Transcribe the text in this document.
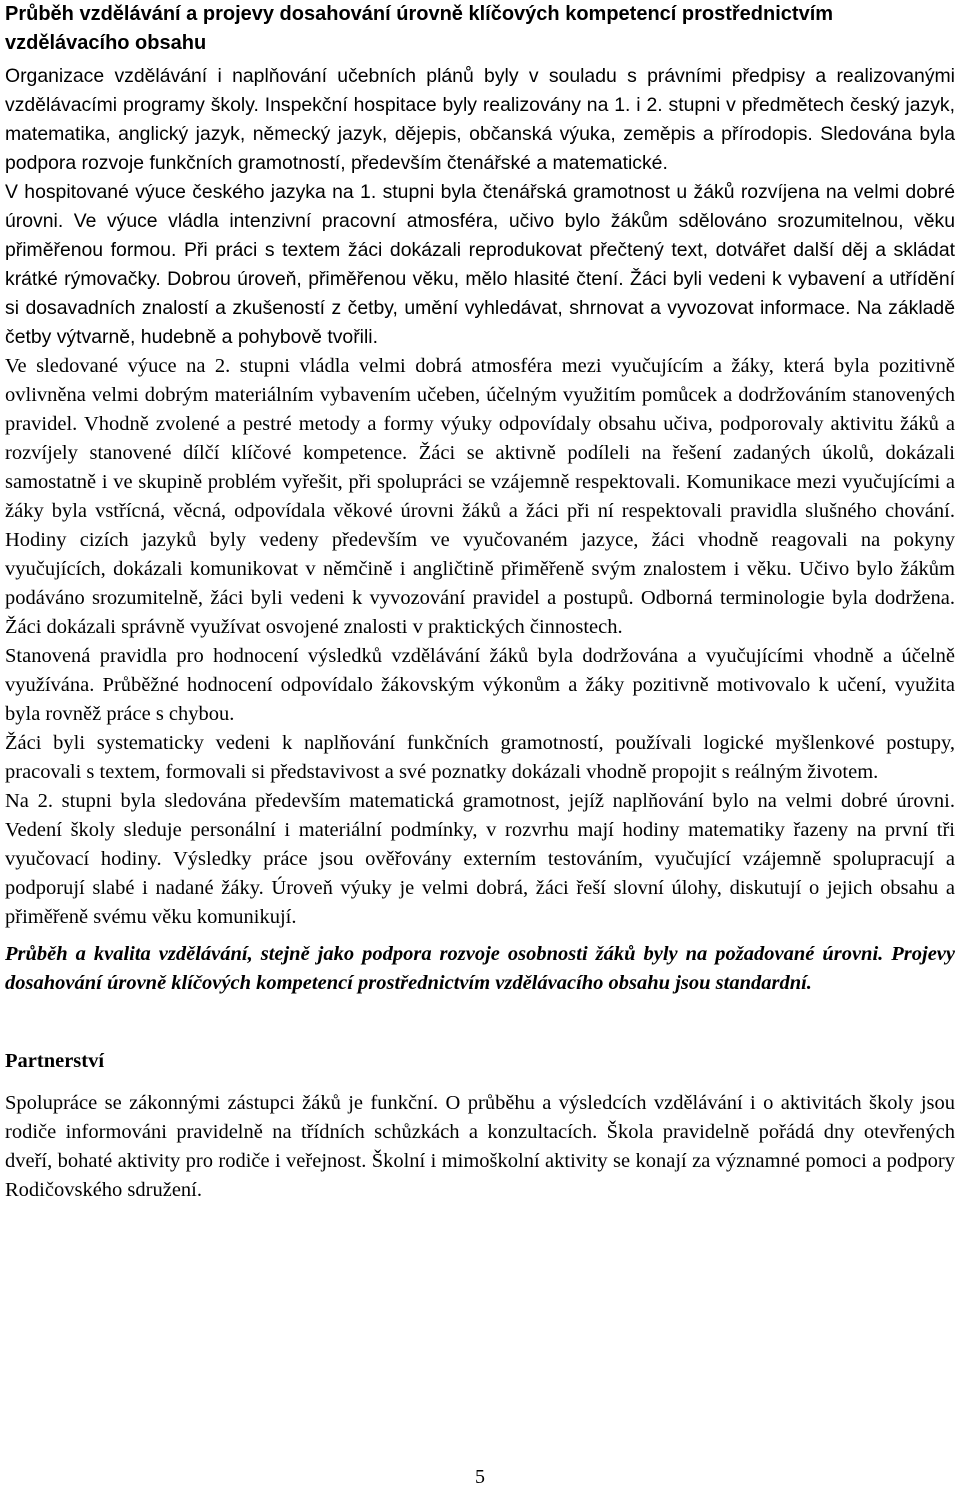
Průběh vzdělávání a projevy dosahování úrovně klíčových kompetencí prostřednictvím vzdělávacího obsahu

Organizace vzdělávání i naplňování učebních plánů byly v souladu s právními předpisy a realizovanými vzdělávacími programy školy. Inspekční hospitace byly realizovány na 1. i 2. stupni v předmětech český jazyk, matematika, anglický jazyk, německý jazyk, dějepis, občanská výuka, zeměpis a přírodopis. Sledována byla podpora rozvoje funkčních gramotností, především čtenářské a matematické.

V hospitované výuce českého jazyka na 1. stupni byla čtenářská gramotnost u žáků rozvíjena na velmi dobré úrovni. Ve výuce vládla intenzivní pracovní atmosféra, učivo bylo žákům sdělováno srozumitelnou, věku přiměřenou formou. Při práci s textem žáci dokázali reprodukovat přečtený text, dotvářet další děj a skládat krátké rýmovačky. Dobrou úroveň, přiměřenou věku, mělo hlasité čtení. Žáci byli vedeni k vybavení a utřídění si dosavadních znalostí a zkušeností z četby, umění vyhledávat, shrnovat a vyvozovat informace. Na základě četby výtvarně, hudebně a pohybově tvořili.

Ve sledované výuce na 2. stupni vládla velmi dobrá atmosféra mezi vyučujícím a žáky, která byla pozitivně ovlivněna velmi dobrým materiálním vybavením učeben, účelným využitím pomůcek a dodržováním stanovených pravidel. Vhodně zvolené a pestré metody a formy výuky odpovídaly obsahu učiva, podporovaly aktivitu žáků a rozvíjely stanovené dílčí klíčové kompetence. Žáci se aktivně podíleli na řešení zadaných úkolů, dokázali samostatně i ve skupině problém vyřešit, při spolupráci se vzájemně respektovali. Komunikace mezi vyučujícími a žáky byla vstřícná, věcná, odpovídala věkové úrovni žáků a žáci při ní respektovali pravidla slušného chování. Hodiny cizích jazyků byly vedeny především ve vyučovaném jazyce, žáci vhodně reagovali na pokyny vyučujících, dokázali komunikovat v němčině i angličtině přiměřeně svým znalostem i věku. Učivo bylo žákům podáváno srozumitelně, žáci byli vedeni k vyvozování pravidel a postupů. Odborná terminologie byla dodržena. Žáci dokázali správně využívat osvojené znalosti v praktických činnostech.

Stanovená pravidla pro hodnocení výsledků vzdělávání žáků byla dodržována a vyučujícími vhodně a účelně využívána. Průběžné hodnocení odpovídalo žákovským výkonům a žáky pozitivně motivovalo k učení, využita byla rovněž práce s chybou.

Žáci byli systematicky vedeni k naplňování funkčních gramotností, používali logické myšlenkové postupy, pracovali s textem, formovali si představivost a své poznatky dokázali vhodně propojit s reálným životem.

Na 2. stupni byla sledována především matematická gramotnost, jejíž naplňování bylo na velmi dobré úrovni. Vedení školy sleduje personální i materiální podmínky, v rozvrhu mají hodiny matematiky řazeny na první tři vyučovací hodiny. Výsledky práce jsou ověřovány externím testováním, vyučující vzájemně spolupracují a podporují slabé i nadané žáky. Úroveň výuky je velmi dobrá, žáci řeší slovní úlohy, diskutují o jejich obsahu a přiměřeně svému věku komunikují.

Průběh a kvalita vzdělávání, stejně jako podpora rozvoje osobnosti žáků byly na požadované úrovni. Projevy dosahování úrovně klíčových kompetencí prostřednictvím vzdělávacího obsahu jsou standardní.

Partnerství

Spolupráce se zákonnými zástupci žáků je funkční. O průběhu a výsledcích vzdělávání i o aktivitách školy jsou rodiče informováni pravidelně na třídních schůzkách a konzultacích. Škola pravidelně pořádá dny otevřených dveří, bohaté aktivity pro rodiče i veřejnost. Školní i mimoškolní aktivity se konají za významné pomoci a podpory Rodičovského sdružení.

5
